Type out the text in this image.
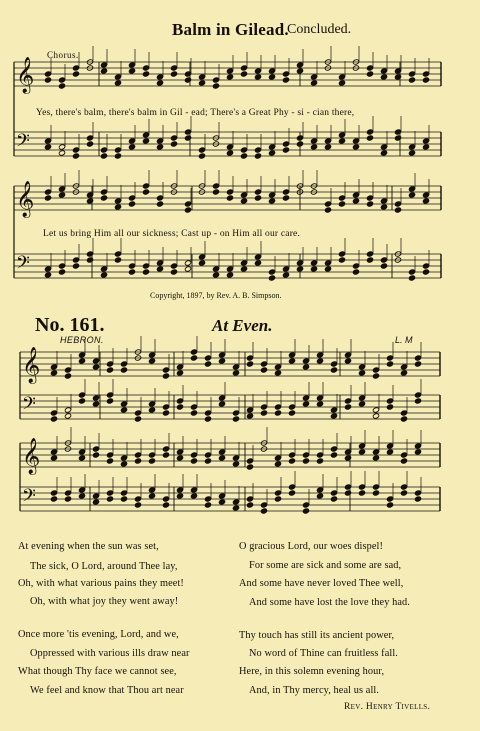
Balm in Gilead.
Concluded.
Chorus.
𝄞
𝄢
𝄞
𝄢
𝄞
𝄢
𝄞
𝄢
Yes, there's balm, there's balm in Gil - ead; There's a Great Phy - si - cian there,
Let us bring Him all our sickness; Cast up - on Him all our care.
Copyright, 1897, by Rev. A. B. Simpson.
No. 161.	At Even.
HEBRON.	L. M
At evening when the sun was set,
The sick, O Lord, around Thee lay,
Oh, with what various pains they meet!
Oh, with what joy they went away!
Once more 'tis evening, Lord, and we,
Oppressed with various ills draw near
What though Thy face we cannot see,
We feel and know that Thou art near
O gracious Lord, our woes dispel!
For some are sick and some are sad,
And some have never loved Thee well,
And some have lost the love they had.
Thy touch has still its ancient power,
No word of Thine can fruitless fall.
Here, in this solemn evening hour,
And, in Thy mercy, heal us all.
Rev. Henry Tivells.
